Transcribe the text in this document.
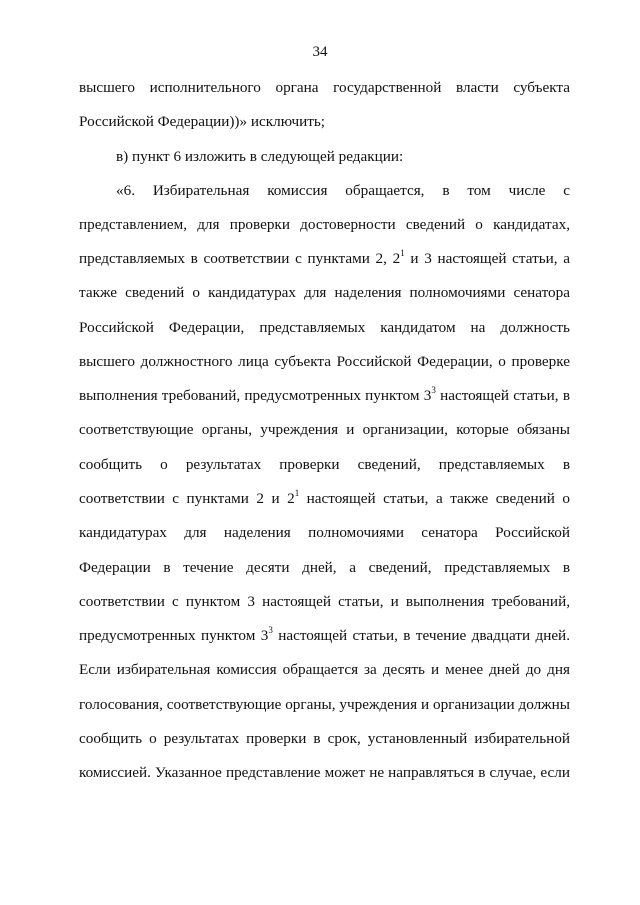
34
высшего исполнительного органа государственной власти субъекта
Российской Федерации))» исключить;
в) пункт 6 изложить в следующей редакции:
«6. Избирательная комиссия обращается, в том числе с
представлением, для проверки достоверности сведений о кандидатах,
представляемых в соответствии с пунктами 2, $2^1$ и 3 настоящей статьи, а
также сведений о кандидатурах для наделения полномочиями сенатора
Российской Федерации, представляемых кандидатом на должность
высшего должностного лица субъекта Российской Федерации, о проверке
выполнения требований, предусмотренных пунктом $3^3$ настоящей статьи, в
соответствующие органы, учреждения и организации, которые обязаны
сообщить о результатах проверки сведений, представляемых в
соответствии с пунктами 2 и $2^1$ настоящей статьи, а также сведений о
кандидатурах для наделения полномочиями сенатора Российской
Федерации в течение десяти дней, а сведений, представляемых в
соответствии с пунктом 3 настоящей статьи, и выполнения требований,
предусмотренных пунктом $3^3$ настоящей статьи, в течение двадцати дней.
Если избирательная комиссия обращается за десять и менее дней до дня
голосования, соответствующие органы, учреждения и организации должны
сообщить о результатах проверки в срок, установленный избирательной
комиссией. Указанное представление может не направляться в случае, если
